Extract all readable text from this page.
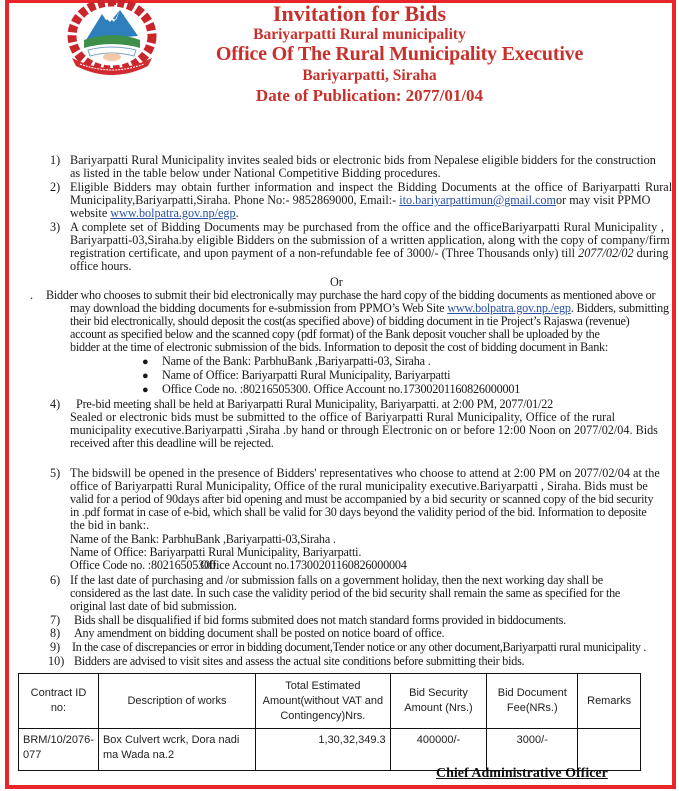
Invitation for Bids
Bariyarpatti Rural municipality
Office Of The Rural Municipality Executive
Bariyarpatti, Siraha
Date of Publication: 2077/01/04
1) Bariyarpatti Rural Municipality invites sealed bids or electronic bids from Nepalese eligible bidders for the construction
as listed in the table below under National Competitive Bidding procedures.
2) Eligible Bidders may obtain further information and inspect the Bidding Documents at the office of Bariyarpatti Rural
Municipality,Bariyarpatti,Siraha. Phone No:- 9852869000, Email:- ito.bariyarpattimun@gmail.comor may visit PPMO
website www.bolpatra.gov.np/egp.
3) A complete set of Bidding Documents may be purchased from the office and the officeBariyarpatti Rural Municipality ,
Bariyarpatti-03,Siraha.by eligible Bidders on the submission of a written application, along with the copy of company/firm
registration certificate, and upon payment of a non-refundable fee of 3000/- (Three Thousands only) till 2077/02/02 during
office hours.
Or
. Bidder who chooses to submit their bid electronically may purchase the hard copy of the bidding documents as mentioned above or
may download the bidding documents for e-submission from PPMO’s Web Site www.bolpatra.gov.np./egp. Bidders, submitting
their bid electronically, should deposit the cost(as specified above) of bidding document in tie Project’s Rajaswa (revenue)
account as specified below and the scanned copy (pdf format) of the Bank deposit voucher shall be uploaded by the
bidder at the time of electronic submission of the bids. Information to deposit the cost of bidding document in Bank:
● Name of the Bank: ParbhuBank ,Bariyarpatti-03, Siraha .
● Name of Office: Bariyarpatti Rural Municipality, Bariyarpatti
● Office Code no. :80216505300. Office Account no.17300201160826000001
4) Pre-bid meeting shall be held at Bariyarpatti Rural Municipality, Bariyarpatti. at 2:00 PM, 2077/01/22
Sealed or electronic bids must be submitted to the office of Bariyarpatti Rural Municipality, Office of the rural
municipality executive.Bariyarpatti ,Siraha .by hand or through Electronic on or before 12:00 Noon on 2077/02/04. Bids
received after this deadline will be rejected.
5) The bidswill be opened in the presence of Bidders' representatives who choose to attend at 2:00 PM on 2077/02/04 at the
office of Bariyarpatti Rural Municipality, Office of the rural municipality executive.Bariyarpatti , Siraha. Bids must be
valid for a period of 90days after bid opening and must be accompanied by a bid security or scanned copy of the bid security
in .pdf format in case of e-bid, which shall be valid for 30 days beyond the validity period of the bid. Information to deposite
the bid in bank:.
Name of the Bank: ParbhuBank ,Bariyarpatti-03,Siraha .
Name of Office: Bariyarpatti Rural Municipality, Bariyarpatti.
Office Code no. :80216505300.
Office Account no.17300201160826000004
6) If the last date of purchasing and /or submission falls on a government holiday, then the next working day shall be
considered as the last date. In such case the validity period of the bid security shall remain the same as specified for the
original last date of bid submission.
7) Bids shall be disqualified if bid forms submited does not match standard forms provided in biddocuments.
8) Any amendment on bidding document shall be posted on notice board of office.
9) In the case of discrepancies or error in bidding document,Tender notice or any other document,Bariyarpatti rural municipality .
10) Bidders are advised to visit sites and assess the actual site conditions before submitting their bids.
Contract ID no:	Description of works	Total Estimated Amount(without VAT and Contingency)Nrs.	Bid Security Amount (Nrs.)	Bid Document Fee(NRs.)	Remarks
BRM/10/2076-077	Box Culvert wcrk, Dora nadi ma Wada na.2	1,30,32,349.3	400000/-	3000/-	
Chief Administrative Officer
